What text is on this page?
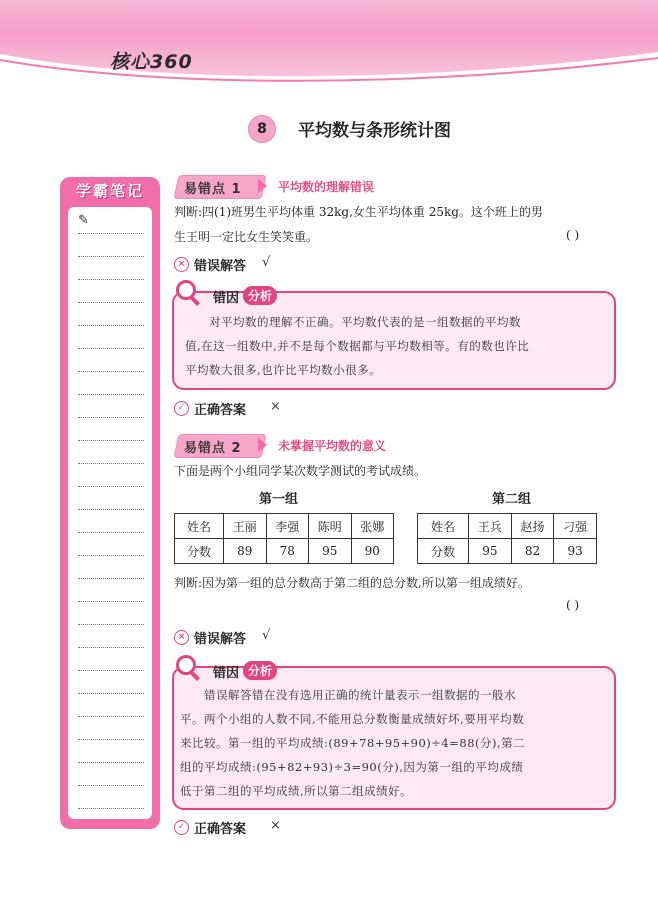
核心360
8	平均数与条形统计图
学霸笔记
✎
易错点 1	平均数的理解错误
判断:四(1)班男生平均体重 32kg,女生平均体重 25kg。这个班上的男
生王明一定比女生笑笑重。	( )
× 错误解答 √
错因 分析
对平均数的理解不正确。平均数代表的是一组数据的平均数
值,在这一组数中,并不是每个数据都与平均数相等。有的数也许比
平均数大很多,也许比平均数小很多。
✓ 正确答案 ×
易错点 2	未掌握平均数的意义
下面是两个小组同学某次数学测试的考试成绩。
第一组	第二组
姓名	王丽	李强	陈明	张娜
分数	89	78	95	90
姓名	王兵	赵扬	刁强
分数	95	82	93
判断:因为第一组的总分数高于第二组的总分数,所以第一组成绩好。
( )
× 错误解答 √
错因 分析
错误解答错在没有选用正确的统计量表示一组数据的一般水
平。两个小组的人数不同,不能用总分数衡量成绩好坏,要用平均数
来比较。第一组的平均成绩:(89+78+95+90)÷4=88(分),第二
组的平均成绩:(95+82+93)÷3=90(分),因为第一组的平均成绩
低于第二组的平均成绩,所以第二组成绩好。
✓ 正确答案 ×
